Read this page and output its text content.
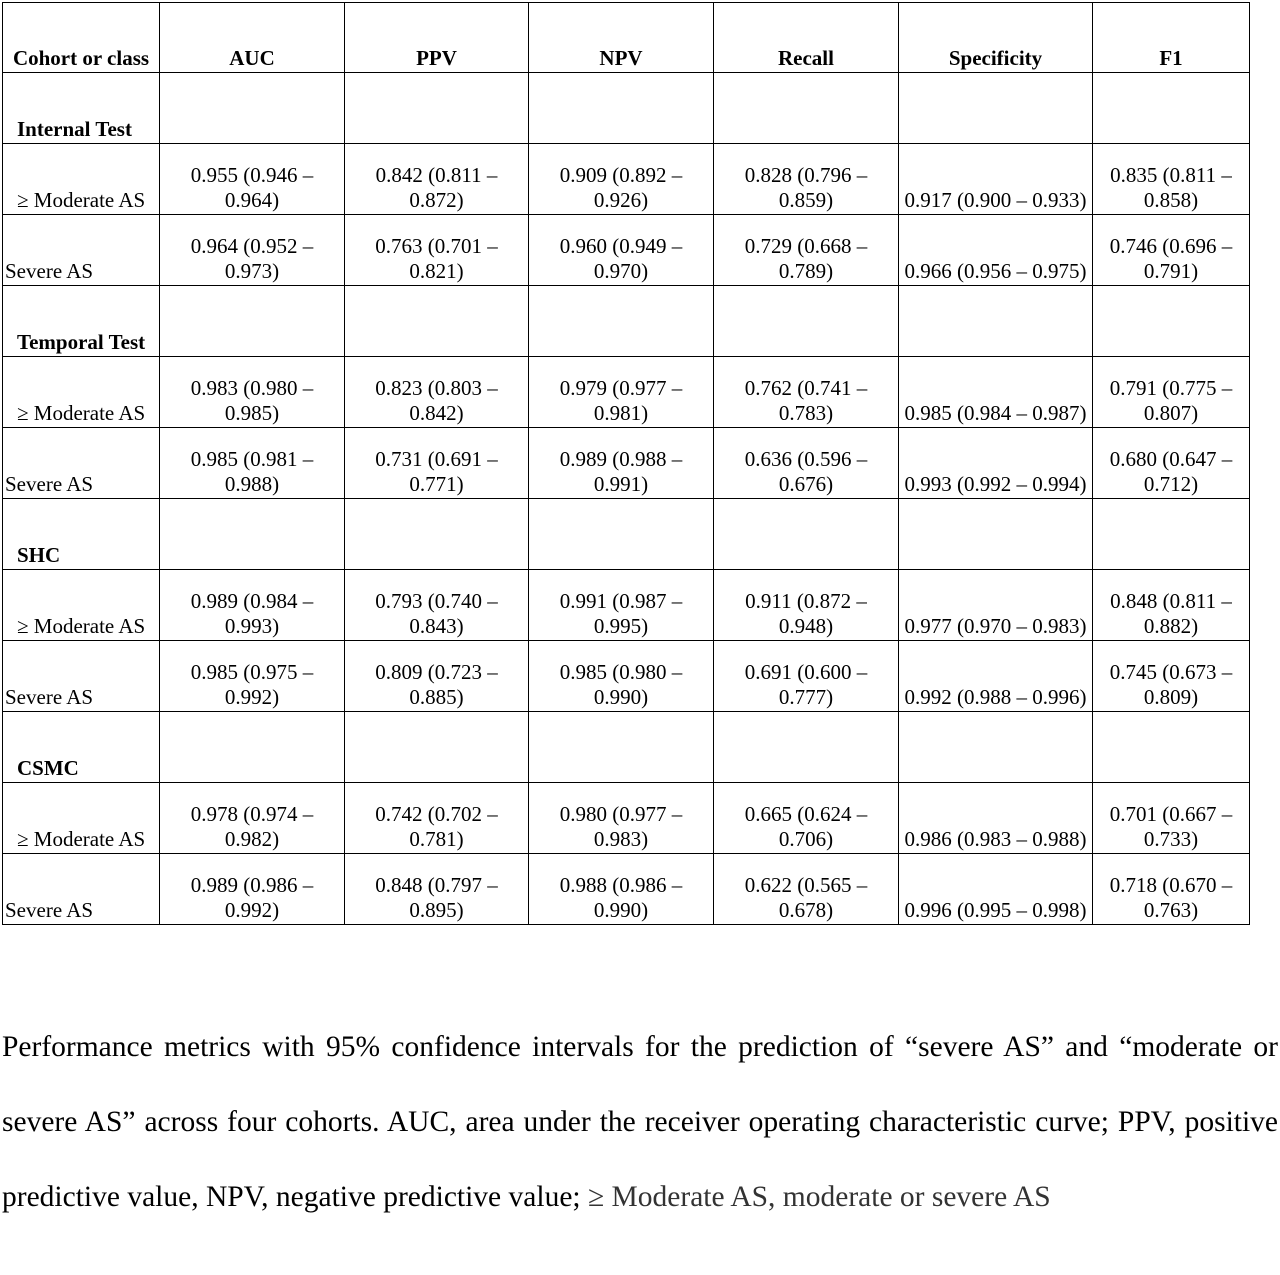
Cohort or class	AUC	PPV	NPV	Recall	Specificity	F1
Internal Test						

≥ Moderate AS	0.955 (0.946 – 0.964)	0.842 (0.811 – 0.872)	0.909 (0.892 – 0.926)	0.828 (0.796 – 0.859)	0.917 (0.900 – 0.933)	0.835 (0.811 – 0.858)
Severe AS	0.964 (0.952 – 0.973)	0.763 (0.701 – 0.821)	0.960 (0.949 – 0.970)	0.729 (0.668 – 0.789)	0.966 (0.956 – 0.975)	0.746 (0.696 – 0.791)
Temporal Test						

≥ Moderate AS	0.983 (0.980 – 0.985)	0.823 (0.803 – 0.842)	0.979 (0.977 – 0.981)	0.762 (0.741 – 0.783)	0.985 (0.984 – 0.987)	0.791 (0.775 – 0.807)
Severe AS	0.985 (0.981 – 0.988)	0.731 (0.691 – 0.771)	0.989 (0.988 – 0.991)	0.636 (0.596 – 0.676)	0.993 (0.992 – 0.994)	0.680 (0.647 – 0.712)
SHC						

≥ Moderate AS	0.989 (0.984 – 0.993)	0.793 (0.740 – 0.843)	0.991 (0.987 – 0.995)	0.911 (0.872 – 0.948)	0.977 (0.970 – 0.983)	0.848 (0.811 – 0.882)
Severe AS	0.985 (0.975 – 0.992)	0.809 (0.723 – 0.885)	0.985 (0.980 – 0.990)	0.691 (0.600 – 0.777)	0.992 (0.988 – 0.996)	0.745 (0.673 – 0.809)
CSMC						

≥ Moderate AS	0.978 (0.974 – 0.982)	0.742 (0.702 – 0.781)	0.980 (0.977 – 0.983)	0.665 (0.624 – 0.706)	0.986 (0.983 – 0.988)	0.701 (0.667 – 0.733)
Severe AS	0.989 (0.986 – 0.992)	0.848 (0.797 – 0.895)	0.988 (0.986 – 0.990)	0.622 (0.565 – 0.678)	0.996 (0.995 – 0.998)	0.718 (0.670 – 0.763)

Performance metrics with 95% confidence intervals for the prediction of “severe AS” and “moderate or severe AS” across four cohorts. AUC, area under the receiver operating characteristic curve; PPV, positive predictive value, NPV, negative predictive value; ≥ Moderate AS, moderate or severe AS
